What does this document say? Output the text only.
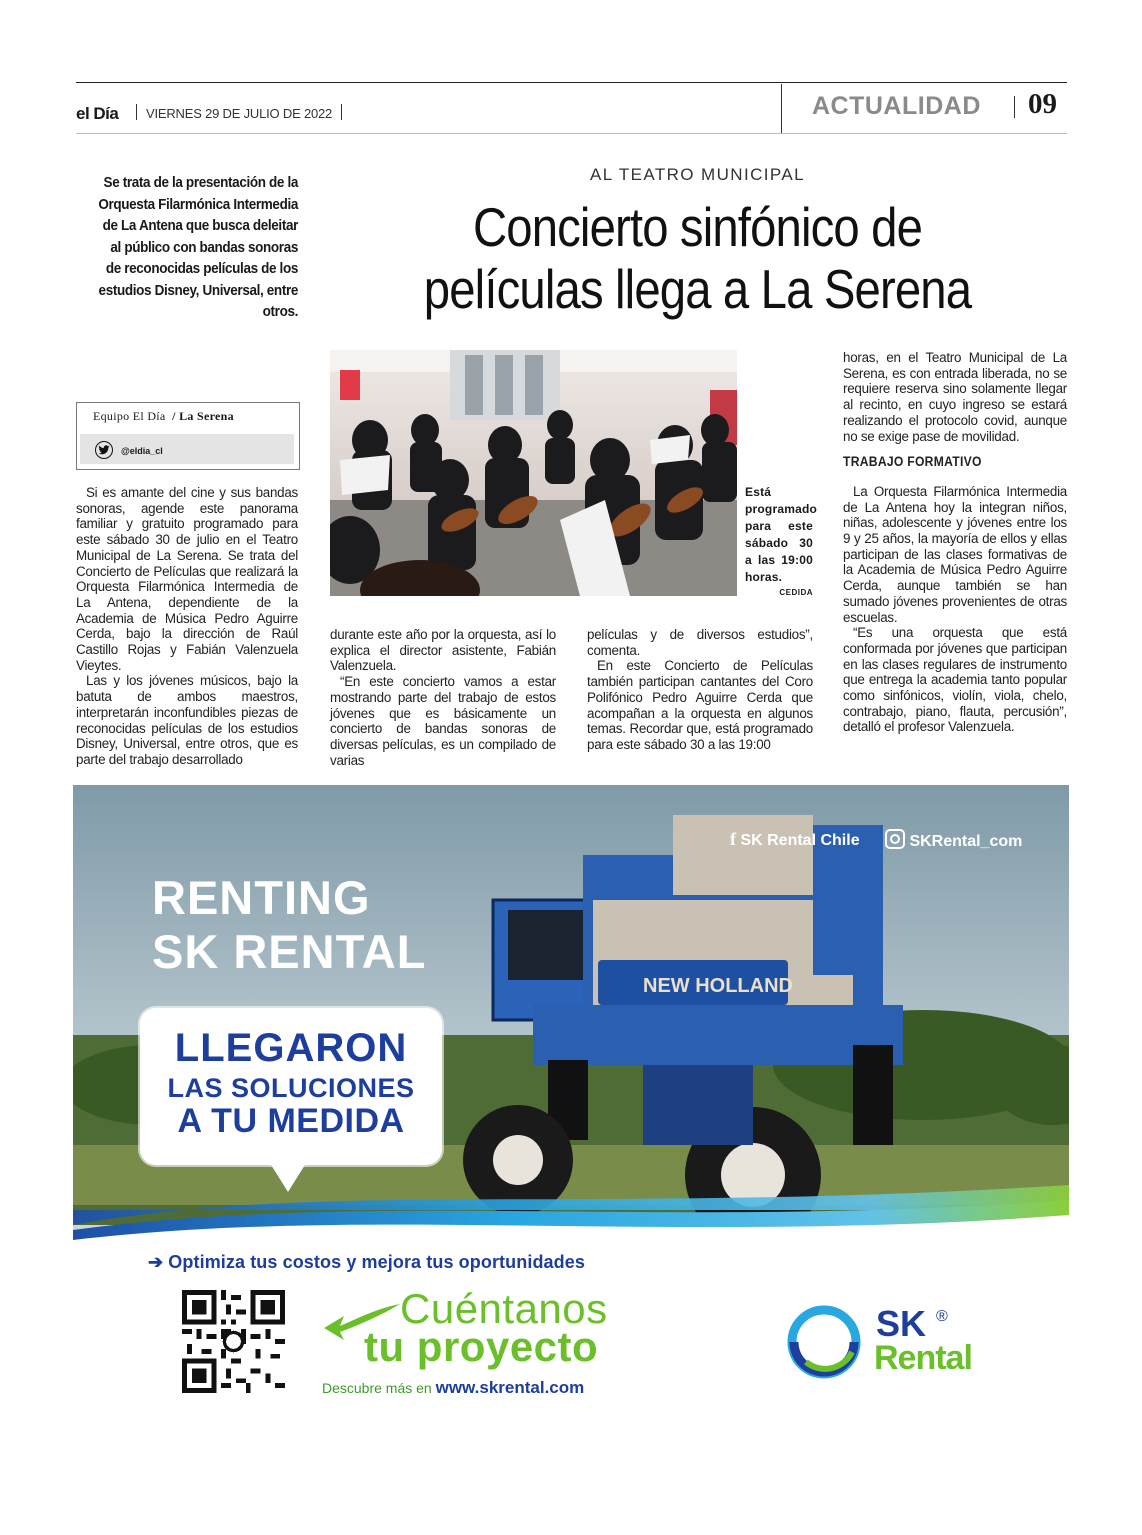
el Día VIERNES 29 DE JULIO DE 2022	ACTUALIDAD 09
Se trata de la presentación de la Orquesta Filarmónica Intermedia de La Antena que busca deleitar al público con bandas sonoras de reconocidas películas de los estudios Disney, Universal, entre otros.
Equipo El Día / La Serena
@eldia_cl
AL TEATRO MUNICIPAL
Concierto sinfónico de
películas llega a La Serena
Está programado para este sábado 30 a las 19:00 horas.
CEDIDA

Si es amante del cine y sus bandas sonoras, agende este panorama familiar y gratuito programado para este sábado 30 de julio en el Teatro Municipal de La Serena. Se trata del Concierto de Películas que realizará la Orquesta Filarmónica Intermedia de La Antena, dependiente de la Academia de Música Pedro Aguirre Cerda, bajo la dirección de Raúl Castillo Rojas y Fabián Valenzuela Vieytes.

Las y los jóvenes músicos, bajo la batuta de ambos maestros, interpretarán inconfundibles piezas de reconocidas películas de los estudios Disney, Universal, entre otros, que es parte del trabajo desarrollado

durante este año por la orquesta, así lo explica el director asistente, Fabián Valenzuela.

“En este concierto vamos a estar mostrando parte del trabajo de estos jóvenes que es básicamente un concierto de bandas sonoras de diversas películas, es un compilado de varias

películas y de diversos estudios”, comenta.

En este Concierto de Películas también participan cantantes del Coro Polifónico Pedro Aguirre Cerda que acompañan a la orquesta en algunos temas. Recordar que, está programado para este sábado 30 a las 19:00

horas, en el Teatro Municipal de La Serena, es con entrada liberada, no se requiere reserva sino solamente llegar al recinto, en cuyo ingreso se estará realizando el protocolo covid, aunque no se exige pase de movilidad.

TRABAJO FORMATIVO

La Orquesta Filarmónica Intermedia de La Antena hoy la integran niños, niñas, adolescente y jóvenes entre los 9 y 25 años, la mayoría de ellos y ellas participan de las clases formativas de la Academia de Música Pedro Aguirre Cerda, aunque también se han sumado jóvenes provenientes de otras escuelas.

“Es una orquesta que está conformada por jóvenes que participan en las clases regulares de instrumento que entrega la academia tanto popular como sinfónicos, violín, viola, chelo, contrabajo, piano, flauta, percusión”, detalló el profesor Valenzuela.

NEW HOLLAND
RENTING
SK RENTAL
f SK Rental Chile	SKRental_com
LLEGARON
LAS SOLUCIONES
A TU MEDIDA
➔ Optimiza tus costos y mejora tus oportunidades
Cuéntanos
tu proyecto
Descubre más en www.skrental.com
SK ®
Rental
